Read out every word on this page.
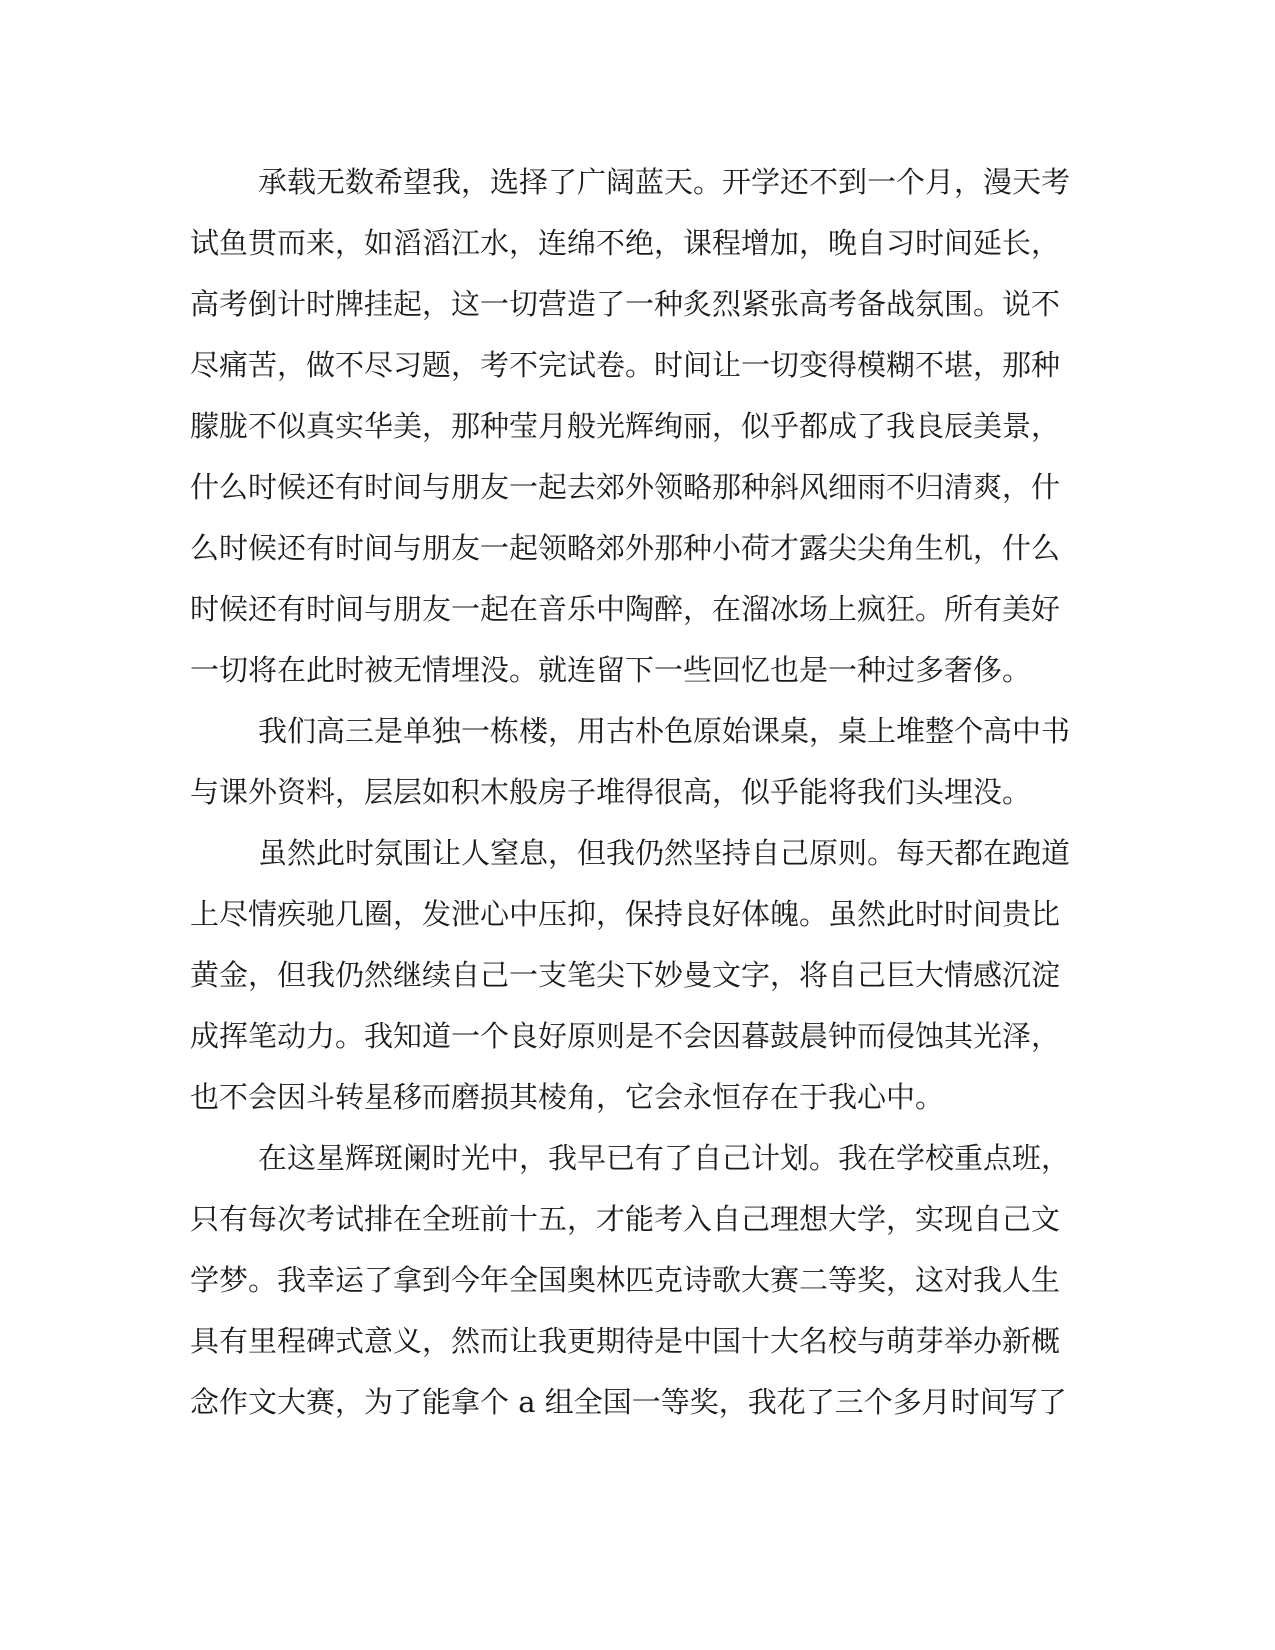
承载无数希望我，选择了广阔蓝天。开学还不到一个月，漫天考
试鱼贯而来，如滔滔江水，连绵不绝，课程增加，晚自习时间延长，
高考倒计时牌挂起，这一切营造了一种炙烈紧张高考备战氛围。说不
尽痛苦，做不尽习题，考不完试卷。时间让一切变得模糊不堪，那种
朦胧不似真实华美，那种莹月般光辉绚丽，似乎都成了我良辰美景，
什么时候还有时间与朋友一起去郊外领略那种斜风细雨不归清爽，什
么时候还有时间与朋友一起领略郊外那种小荷才露尖尖角生机，什么
时候还有时间与朋友一起在音乐中陶醉，在溜冰场上疯狂。所有美好
一切将在此时被无情埋没。就连留下一些回忆也是一种过多奢侈。
我们高三是单独一栋楼，用古朴色原始课桌，桌上堆整个高中书
与课外资料，层层如积木般房子堆得很高，似乎能将我们头埋没。
虽然此时氛围让人窒息，但我仍然坚持自己原则。每天都在跑道
上尽情疾驰几圈，发泄心中压抑，保持良好体魄。虽然此时时间贵比
黄金，但我仍然继续自己一支笔尖下妙曼文字，将自己巨大情感沉淀
成挥笔动力。我知道一个良好原则是不会因暮鼓晨钟而侵蚀其光泽，
也不会因斗转星移而磨损其棱角，它会永恒存在于我心中。
在这星辉斑阑时光中，我早已有了自己计划。我在学校重点班，
只有每次考试排在全班前十五，才能考入自己理想大学，实现自己文
学梦。我幸运了拿到今年全国奥林匹克诗歌大赛二等奖，这对我人生
具有里程碑式意义，然而让我更期待是中国十大名校与萌芽举办新概
念作文大赛，为了能拿个 a 组全国一等奖，我花了三个多月时间写了
